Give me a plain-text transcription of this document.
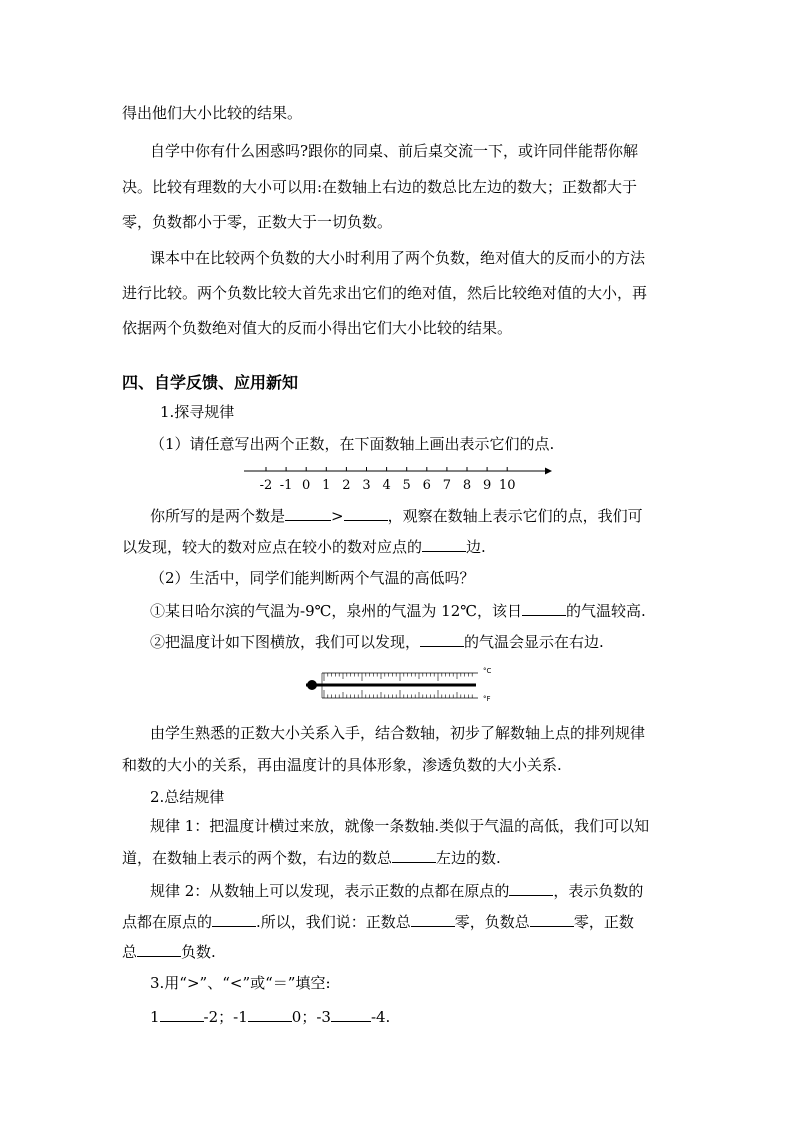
得出他们大小比较的结果。
自学中你有什么困惑吗?跟你的同桌、前后桌交流一下，或许同伴能帮你解
决。比较有理数的大小可以用:在数轴上右边的数总比左边的数大；正数都大于
零，负数都小于零，正数大于一切负数。
课本中在比较两个负数的大小时利用了两个负数，绝对值大的反而小的方法
进行比较。两个负数比较大首先求出它们的绝对值，然后比较绝对值的大小，再
依据两个负数绝对值大的反而小得出它们大小比较的结果。
四、自学反馈、应用新知
1.探寻规律
（1）请任意写出两个正数，在下面数轴上画出表示它们的点.
-2 -1 0 1 2 3 4 5 6 7 8 9 10
你所写的是两个数是	>	，观察在数轴上表示它们的点，我们可
以发现，较大的数对应点在较小的数对应点的	边.
（2）生活中，同学们能判断两个气温的高低吗？
①某日哈尔滨的气温为-9℃，泉州的气温为 12℃，该日	的气温较高.
②把温度计如下图横放，我们可以发现，	的气温会显示在右边.
°C
°F
由学生熟悉的正数大小关系入手，结合数轴，初步了解数轴上点的排列规律
和数的大小的关系，再由温度计的具体形象，渗透负数的大小关系.
2.总结规律
规律 1：把温度计横过来放，就像一条数轴.类似于气温的高低，我们可以知
道，在数轴上表示的两个数，右边的数总	左边的数.
规律 2：从数轴上可以发现，表示正数的点都在原点的	，表示负数的
点都在原点的	.所以，我们说：正数总	零，负数总	零，正数
总	负数.
3.用“>”、“<”或“＝”填空:
1	-2；-1	0；-3	-4.
